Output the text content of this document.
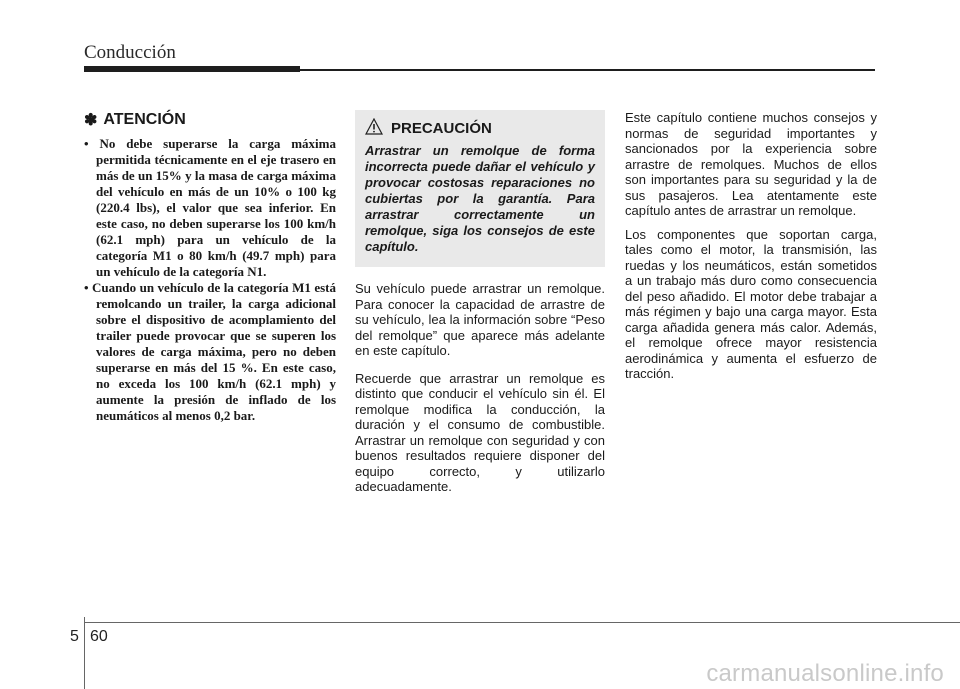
Conducción
✽ ATENCIÓN
• No debe superarse la carga máxima permitida técnicamente en el eje trasero en más de un 15% y la masa de carga máxima del vehículo en más de un 10% o 100 kg (220.4 lbs), el valor que sea inferior. En este caso, no deben superarse los 100 km/h (62.1 mph) para un vehículo de la categoría M1 o 80 km/h (49.7 mph) para un vehículo de la categoría N1.
• Cuando un vehículo de la categoría M1 está remolcando un trailer, la carga adicional sobre el dispositivo de acomplamiento del trailer puede provocar que se superen los valores de carga máxima, pero no deben superarse en más del 15 %. En este caso, no exceda los 100 km/h (62.1 mph) y aumente la presión de inflado de los neumáticos al menos 0,2 bar.
PRECAUCIÓN
Arrastrar un remolque de forma incorrecta puede dañar el vehículo y provocar costosas reparaciones no cubiertas por la garantía. Para arrastrar correctamente un remolque, siga los consejos de este capítulo.

Su vehículo puede arrastrar un remolque. Para conocer la capacidad de arrastre de su vehículo, lea la información sobre “Peso del remolque” que aparece más adelante en este capítulo.

Recuerde que arrastrar un remolque es distinto que conducir el vehículo sin él. El remolque modifica la conducción, la duración y el consumo de combustible. Arrastrar un remolque con seguridad y con buenos resultados requiere disponer del equipo correcto, y utilizarlo adecuadamente.

Este capítulo contiene muchos consejos y normas de seguridad importantes y sancionados por la experiencia sobre arrastre de remolques. Muchos de ellos son importantes para su seguridad y la de sus pasajeros. Lea atentamente este capítulo antes de arrastrar un remolque.

Los componentes que soportan carga, tales como el motor, la transmisión, las ruedas y los neumáticos, están sometidos a un trabajo más duro como consecuencia del peso añadido. El motor debe trabajar a más régimen y bajo una carga mayor. Esta carga añadida genera más calor. Además, el remolque ofrece mayor resistencia aerodinámica y aumenta el esfuerzo de tracción.

5 60
carmanualsonline.info
